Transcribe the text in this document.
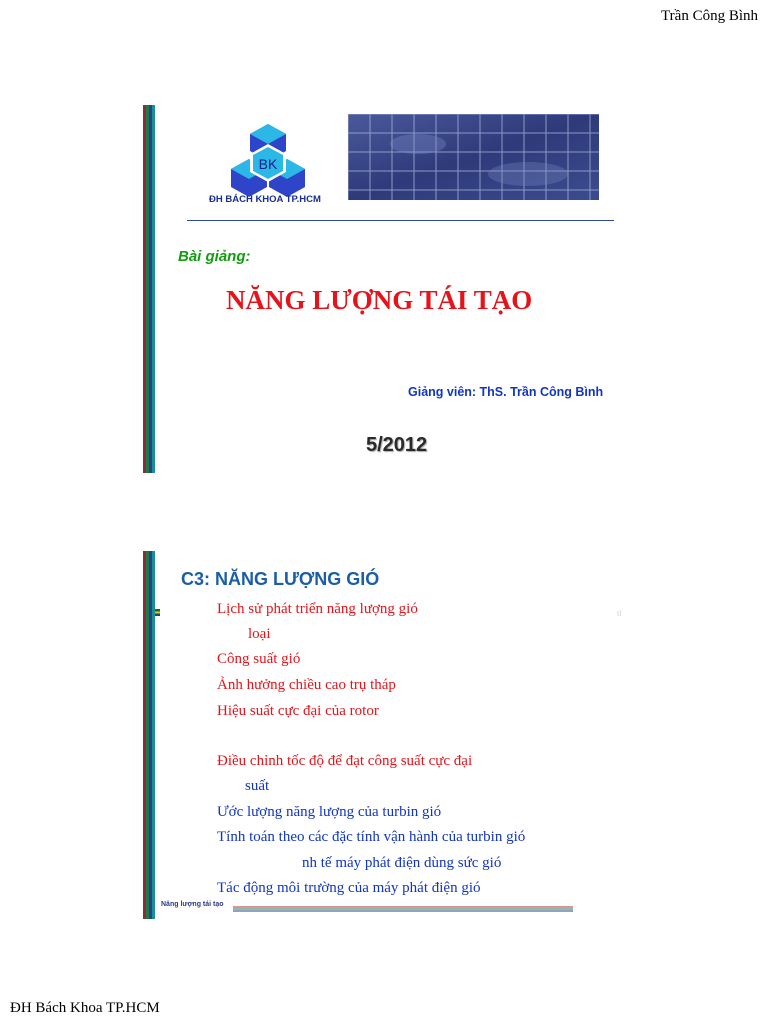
Trần Công Bình
BK
ĐH BÁCH KHOA TP.HCM
Bài giảng:
NĂNG LƯỢNG TÁI TẠO
Giảng viên: ThS. Trần Công Bình
5/2012
C3: NĂNG LƯỢNG GIÓ
tl
Lịch sử phát triển năng lượng gió
loại
Công suất gió
Ảnh hưởng chiều cao trụ tháp
Hiệu suất cực đại của rotor
Điều chỉnh tốc độ để đạt công suất cực đại
suất
Ước lượng năng lượng của turbin gió
Tính toán theo các đặc tính vận hành của turbin gió
nh tế máy phát điện dùng sức gió
Tác động môi trường của máy phát điện gió
Năng lượng tái tạo
ĐH Bách Khoa TP.HCM
